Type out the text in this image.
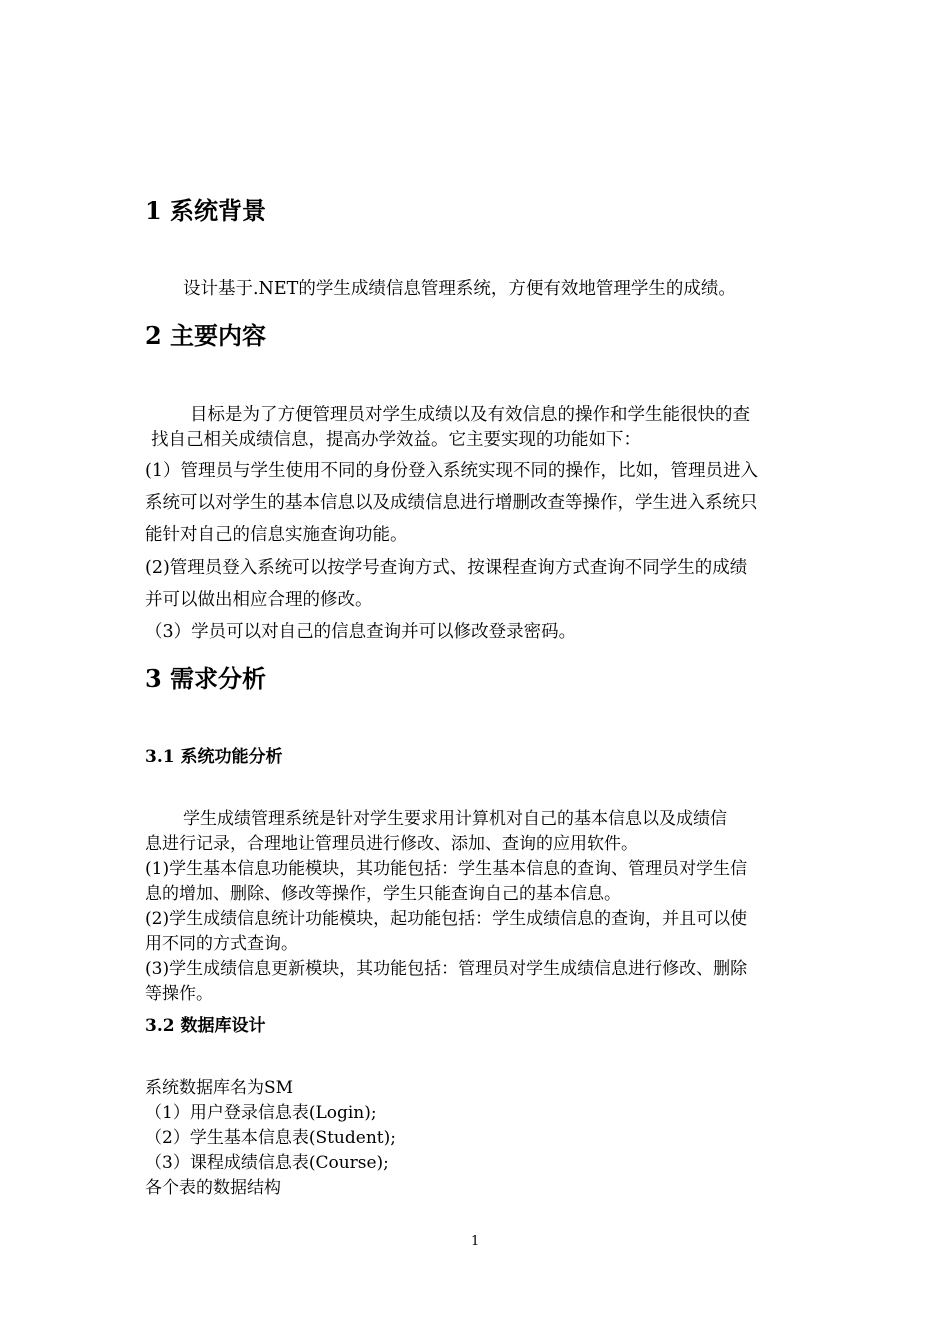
1 系统背景
设计基于.NET的学生成绩信息管理系统，方便有效地管理学生的成绩。
2 主要内容
目标是为了方便管理员对学生成绩以及有效信息的操作和学生能很快的查
找自己相关成绩信息，提高办学效益。它主要实现的功能如下：
(1）管理员与学生使用不同的身份登入系统实现不同的操作，比如，管理员进入
系统可以对学生的基本信息以及成绩信息进行增删改查等操作，学生进入系统只
能针对自己的信息实施查询功能。
(2)管理员登入系统可以按学号查询方式、按课程查询方式查询不同学生的成绩
并可以做出相应合理的修改。
（3）学员可以对自己的信息查询并可以修改登录密码。
3 需求分析
3.1 系统功能分析
学生成绩管理系统是针对学生要求用计算机对自己的基本信息以及成绩信
息进行记录，合理地让管理员进行修改、添加、查询的应用软件。
(1)学生基本信息功能模块，其功能包括：学生基本信息的查询、管理员对学生信
息的增加、删除、修改等操作，学生只能查询自己的基本信息。
(2)学生成绩信息统计功能模块，起功能包括：学生成绩信息的查询，并且可以使
用不同的方式查询。
(3)学生成绩信息更新模块，其功能包括：管理员对学生成绩信息进行修改、删除
等操作。
3.2 数据库设计
系统数据库名为SM
（1）用户登录信息表(Login);
（2）学生基本信息表(Student);
（3）课程成绩信息表(Course);
各个表的数据结构
1
